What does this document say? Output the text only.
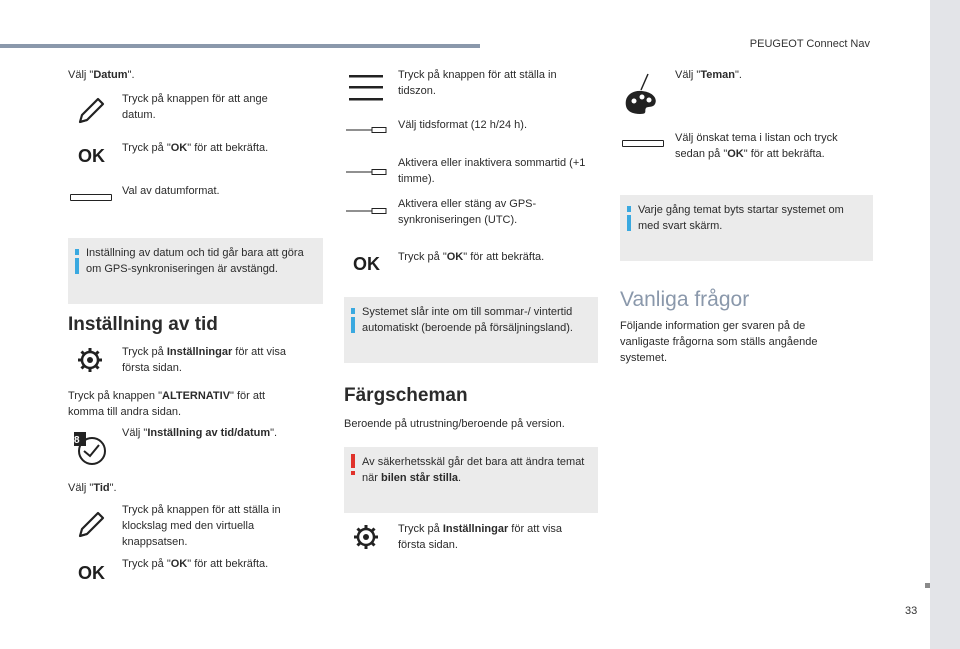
PEUGEOT Connect Nav
33
Välj "Datum".
Tryck på knappen för att ange datum.
OK Tryck på "OK" för att bekräfta.
Val av datumformat.
Inställning av datum och tid går bara att göra om GPS-synkroniseringen är avstängd.
Inställning av tid
Tryck på Inställningar för att visa första sidan.
Tryck på knappen "ALTERNATIV" för att komma till andra sidan.
8
Välj "Inställning av tid/datum".
Välj "Tid".
Tryck på knappen för att ställa in klockslag med den virtuella knappsatsen.
OK Tryck på "OK" för att bekräfta.
Tryck på knappen för att ställa in tidszon.
Välj tidsformat (12 h/24 h).
Aktivera eller inaktivera sommartid (+1 timme).
Aktivera eller stäng av GPS-synkroniseringen (UTC).
OK Tryck på "OK" för att bekräfta.
Systemet slår inte om till sommar-/ vintertid automatiskt (beroende på försäljningsland).
Färgscheman
Beroende på utrustning/beroende på version.
Av säkerhetsskäl går det bara att ändra temat när bilen står stilla.
Tryck på Inställningar för att visa första sidan.
Välj "Teman".
Välj önskat tema i listan och tryck sedan på "OK" för att bekräfta.
Varje gång temat byts startar systemet om med svart skärm.
Vanliga frågor
Följande information ger svaren på de vanligaste frågorna som ställs angående systemet.
